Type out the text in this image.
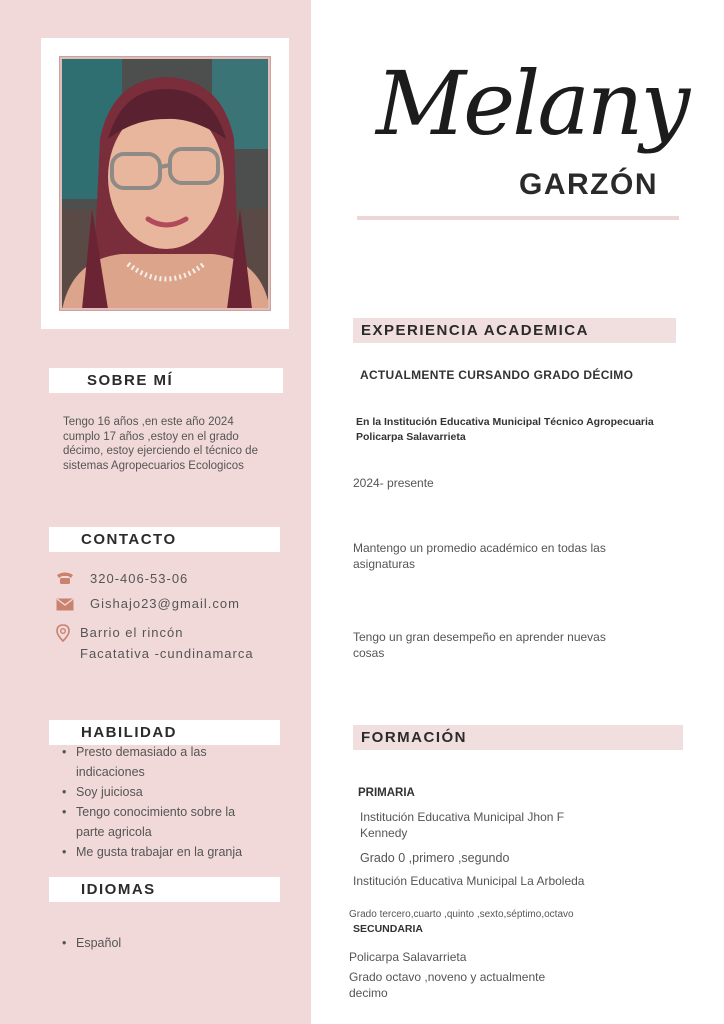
SOBRE MÍ
Tengo 16 años ,en este año 2024
cumplo 17 años ,estoy en el grado
décimo, estoy ejerciendo el técnico de
sistemas Agropecuarios Ecologicos
CONTACTO
320-406-53-06
Gishajo23@gmail.com
Barrio el rincón
Facatativa -cundinamarca
HABILIDAD
• Presto demasiado a las
indicaciones
• Soy juiciosa
• Tengo conocimiento sobre la
parte agricola
• Me gusta trabajar en la granja
IDIOMAS
• Español
Melany
GARZÓN
EXPERIENCIA ACADEMICA
ACTUALMENTE CURSANDO GRADO DÉCIMO
En la Institución Educativa Municipal Técnico Agropecuaria
Policarpa Salavarrieta
2024- presente
Mantengo un promedio académico en todas las
asignaturas
Tengo un gran desempeño en aprender nuevas
cosas
FORMACIÓN
PRIMARIA
Institución Educativa Municipal Jhon F
Kennedy
Grado 0 ,primero ,segundo
Institución Educativa Municipal La Arboleda
Grado tercero,cuarto ,quinto ,sexto,séptimo,octavo
SECUNDARIA
Policarpa Salavarrieta
Grado octavo ,noveno y actualmente
decimo
